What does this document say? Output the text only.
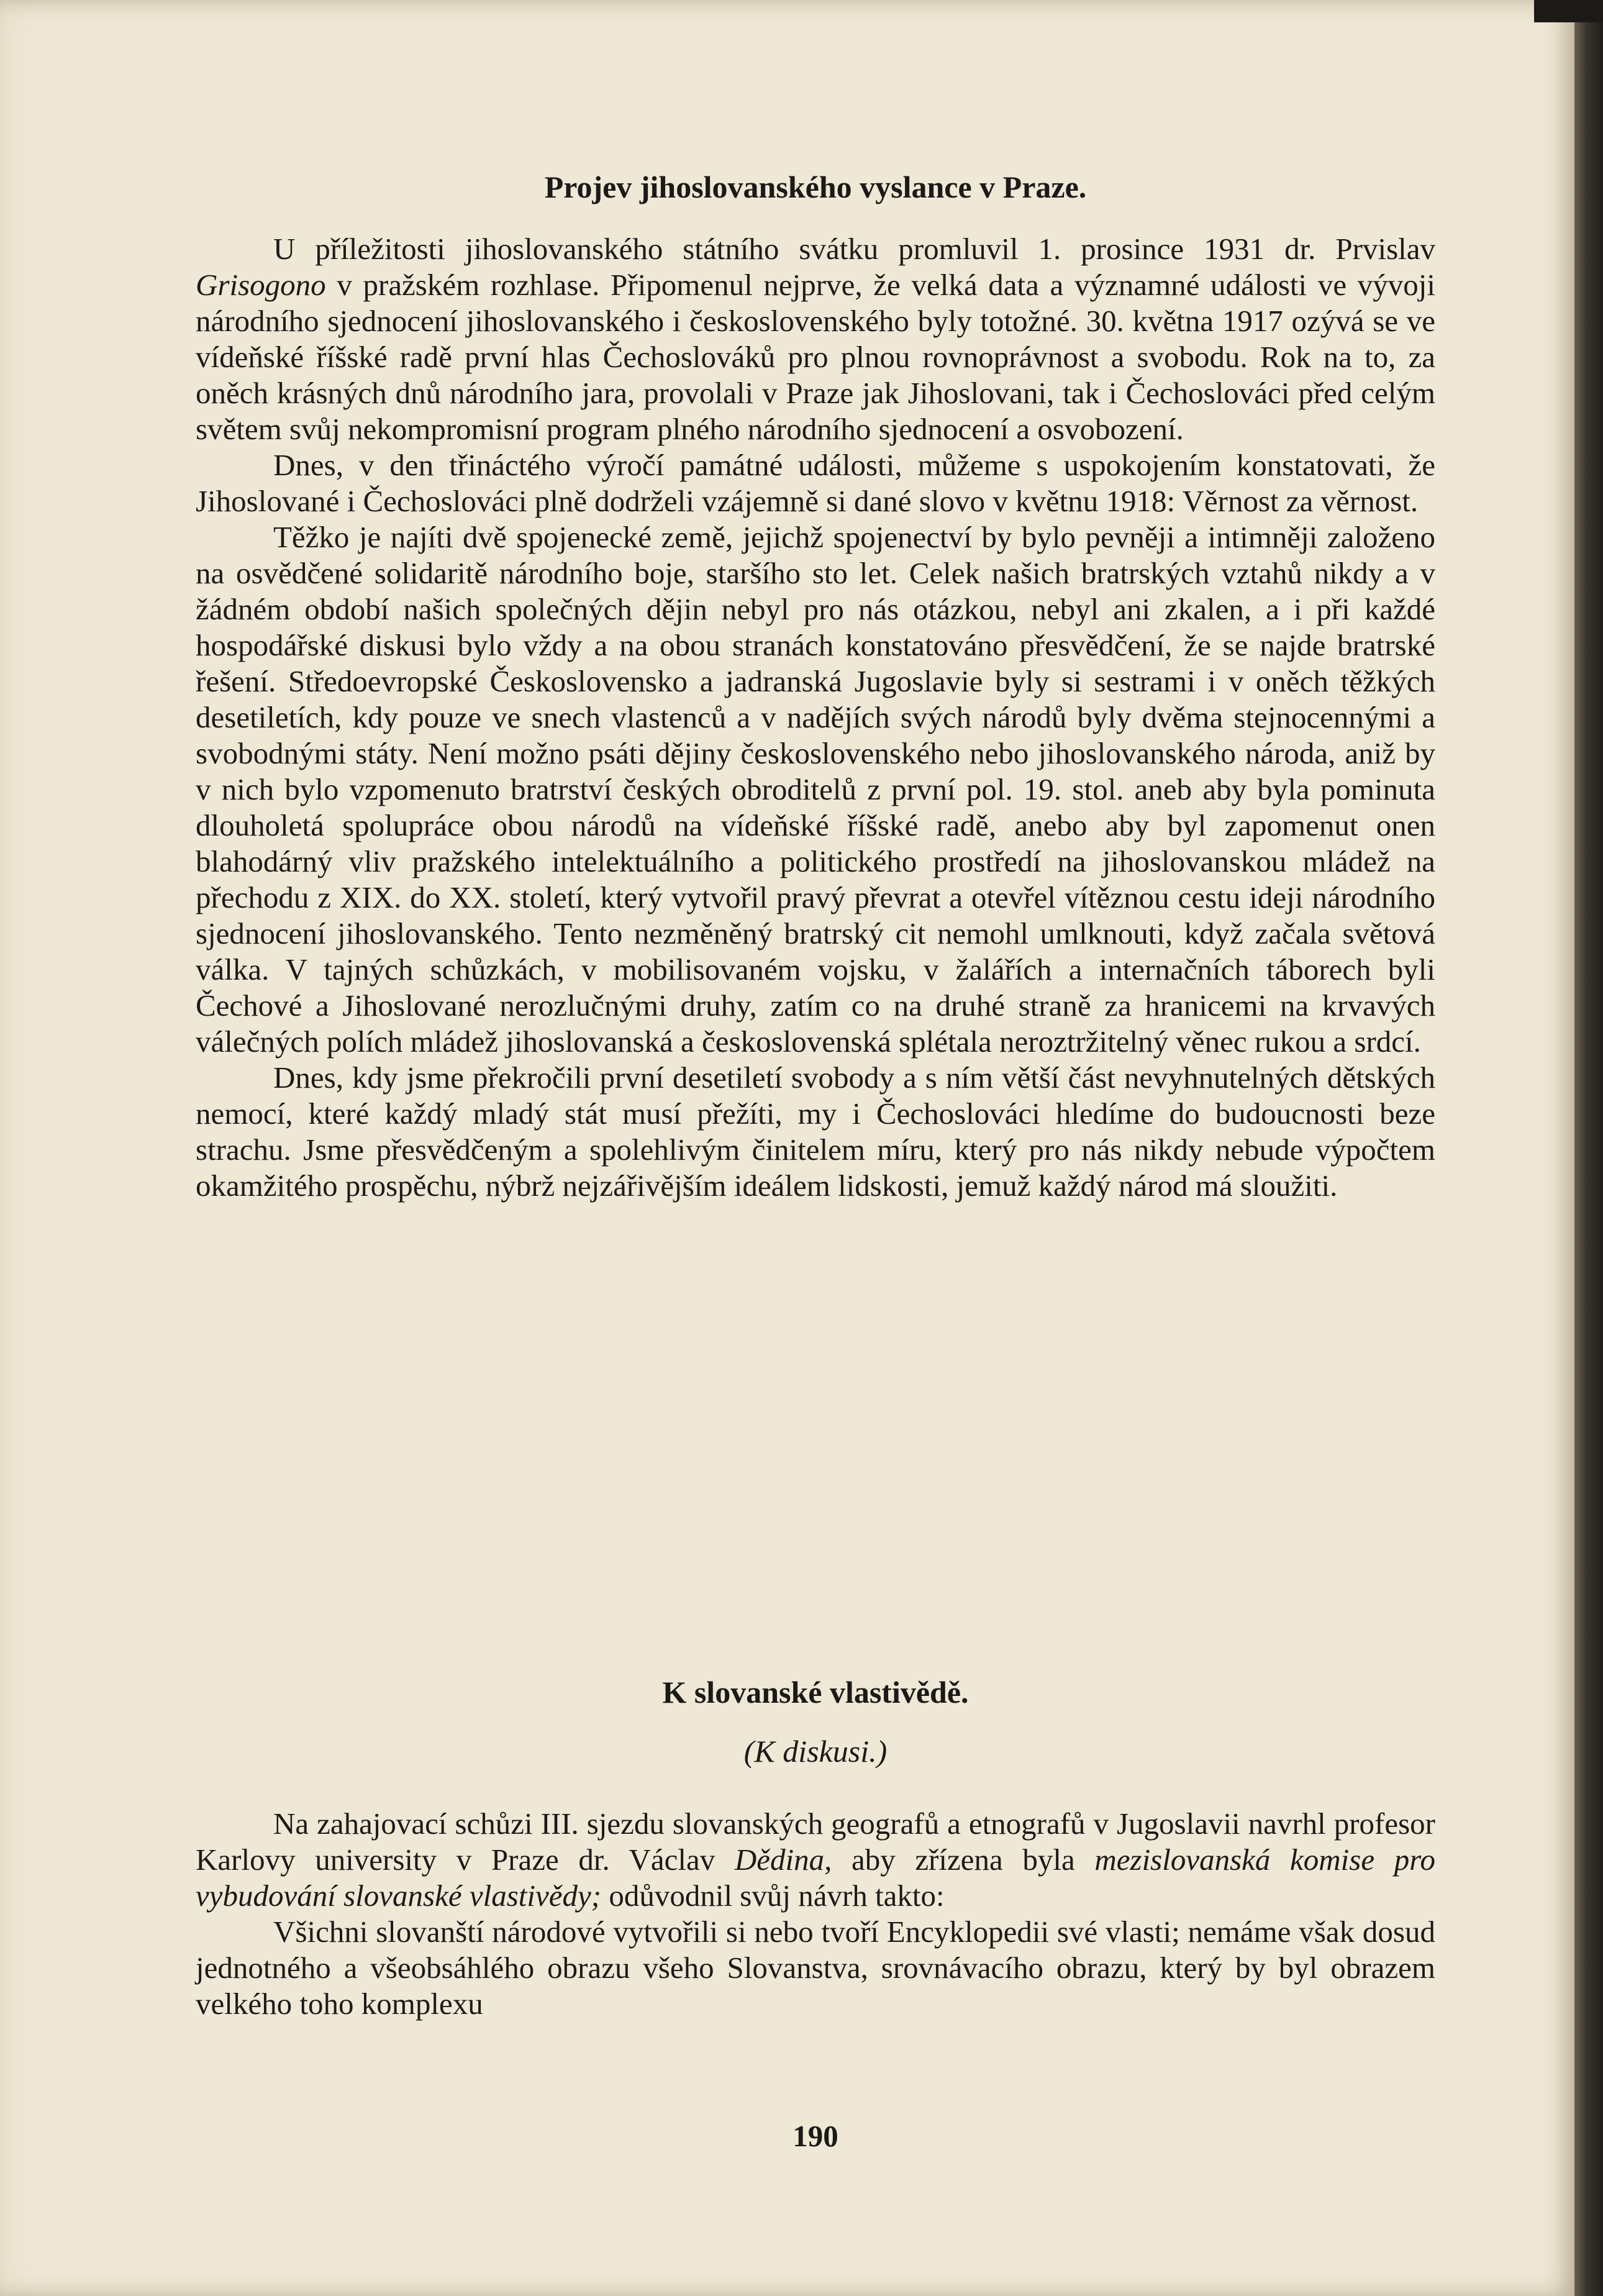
Projev jihoslovanského vyslance v Praze.

U příležitosti jihoslovanského státního svátku promluvil 1. prosince 1931 dr. Prvislav Grisogono v pražském rozhlase. Připomenul nejprve, že velká data a významné události ve vývoji národního sjednocení jihoslovanského i československého byly totožné. 30. května 1917 ozývá se ve vídeňské říšské radě první hlas Čechoslováků pro plnou rovnoprávnost a svobodu. Rok na to, za oněch krásných dnů národního jara, provolali v Praze jak Jihoslovani, tak i Čechoslováci před celým světem svůj nekompromisní program plného národního sjednocení a osvobození.

Dnes, v den třináctého výročí památné události, můžeme s uspokojením konstatovati, že Jihoslované i Čechoslováci plně dodrželi vzájemně si dané slovo v květnu 1918: Věrnost za věrnost.

Těžko je najíti dvě spojenecké země, jejichž spojenectví by bylo pevněji a intimněji založeno na osvědčené solidaritě národního boje, staršího sto let. Celek našich bratrských vztahů nikdy a v žádném období našich společných dějin nebyl pro nás otázkou, nebyl ani zkalen, a i při každé hospodářské diskusi bylo vždy a na obou stranách konstatováno přesvědčení, že se najde bratrské řešení. Středoevropské Československo a jadranská Jugoslavie byly si sestrami i v oněch těžkých desetiletích, kdy pouze ve snech vlastenců a v nadějích svých národů byly dvěma stejnocennými a svobodnými státy. Není možno psáti dějiny československého nebo jihoslovanského národa, aniž by v nich bylo vzpomenuto bratrství českých obroditelů z první pol. 19. stol. aneb aby byla pominuta dlouholetá spolupráce obou národů na vídeňské říšské radě, anebo aby byl zapomenut onen blahodárný vliv pražského intelektuálního a politického prostředí na jihoslovanskou mládež na přechodu z XIX. do XX. století, který vytvořil pravý převrat a otevřel vítěznou cestu ideji národního sjednocení jihoslovanského. Tento nezměněný bratrský cit nemohl umlknouti, když začala světová válka. V tajných schůzkách, v mobilisovaném vojsku, v žalářích a internačních táborech byli Čechové a Jihoslované nerozlučnými druhy, zatím co na druhé straně za hranicemi na krvavých válečných polích mládež jihoslovanská a československá splétala neroztržitelný věnec rukou a srdcí.

Dnes, kdy jsme překročili první desetiletí svobody a s ním větší část nevyhnutelných dětských nemocí, které každý mladý stát musí přežíti, my i Čechoslováci hledíme do budoucnosti beze strachu. Jsme přesvědčeným a spolehlivým činitelem míru, který pro nás nikdy nebude výpočtem okamžitého prospěchu, nýbrž nejzářivějším ideálem lidskosti, jemuž každý národ má sloužiti.

K slovanské vlastivědě.
(K diskusi.)

Na zahajovací schůzi III. sjezdu slovanských geografů a etnografů v Jugoslavii navrhl profesor Karlovy university v Praze dr. Václav Dědina, aby zřízena byla mezislovanská komise pro vybudování slovanské vlastivědy; odůvodnil svůj návrh takto:

Všichni slovanští národové vytvořili si nebo tvoří Encyklopedii své vlasti; nemáme však dosud jednotného a všeobsáhlého obrazu všeho Slovanstva, srovnávacího obrazu, který by byl obrazem velkého toho komplexu

190
